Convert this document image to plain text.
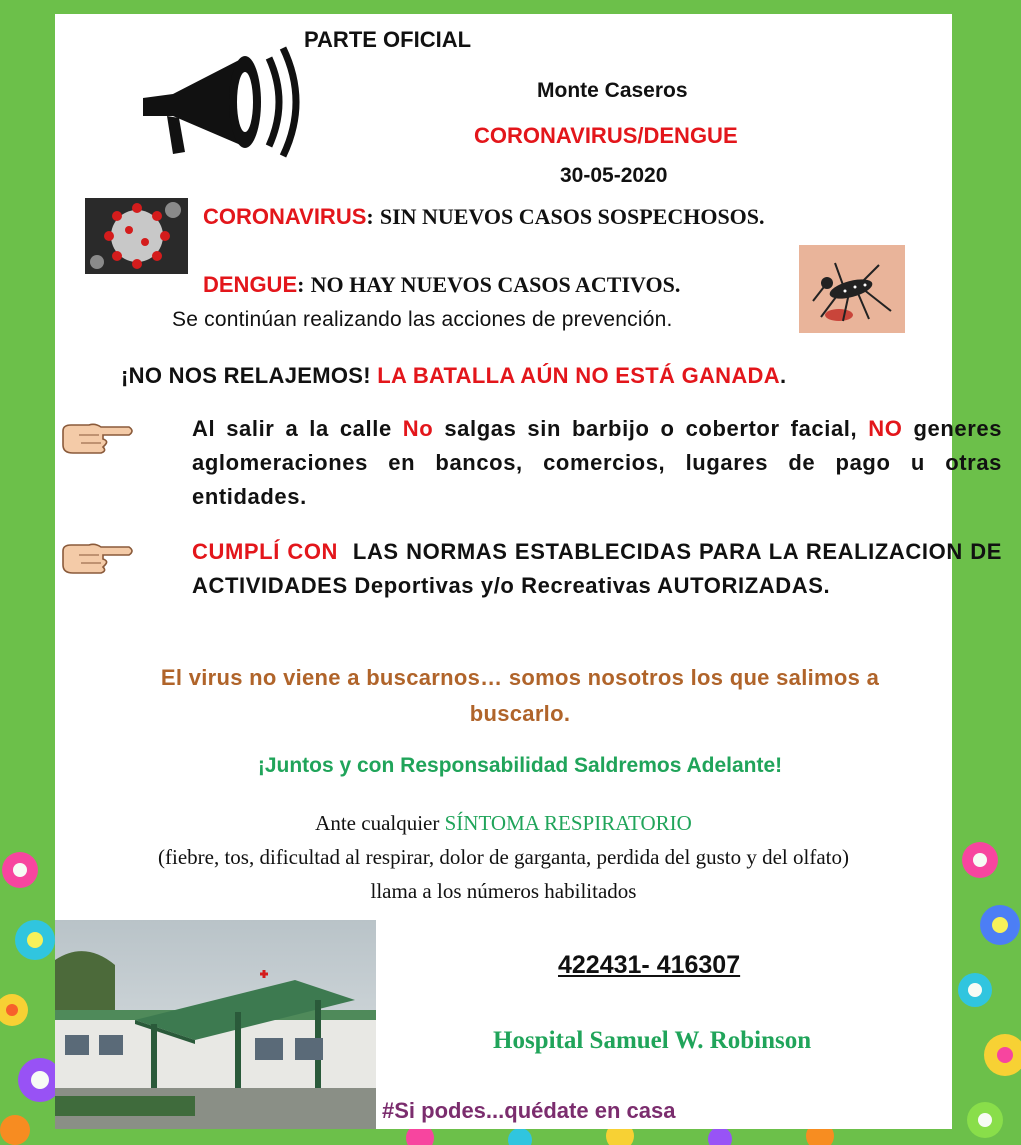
PARTE OFICIAL
Monte Caseros
CORONAVIRUS/DENGUE
30-05-2020
CORONAVIRUS: SIN NUEVOS CASOS SOSPECHOSOS.
DENGUE: NO HAY NUEVOS CASOS ACTIVOS.
Se continúan realizando las acciones de prevención.
¡NO NOS RELAJEMOS! LA BATALLA AÚN NO ESTÁ GANADA.
Al salir a la calle No salgas sin barbijo o cobertor facial, NO generes aglomeraciones en bancos, comercios, lugares de pago u otras entidades.
CUMPLÍ CON LAS NORMAS ESTABLECIDAS PARA LA REALIZACION DE ACTIVIDADES Deportivas y/o Recreativas AUTORIZADAS.
El virus no viene a buscarnos… somos nosotros los que salimos a buscarlo.
¡Juntos y con Responsabilidad Saldremos Adelante!
Ante cualquier SÍNTOMA RESPIRATORIO
(fiebre, tos, dificultad al respirar, dolor de garganta, perdida del gusto y del olfato)
llama a los números habilitados
422431- 416307
Hospital Samuel W. Robinson
#Si podes...quédate en casa
